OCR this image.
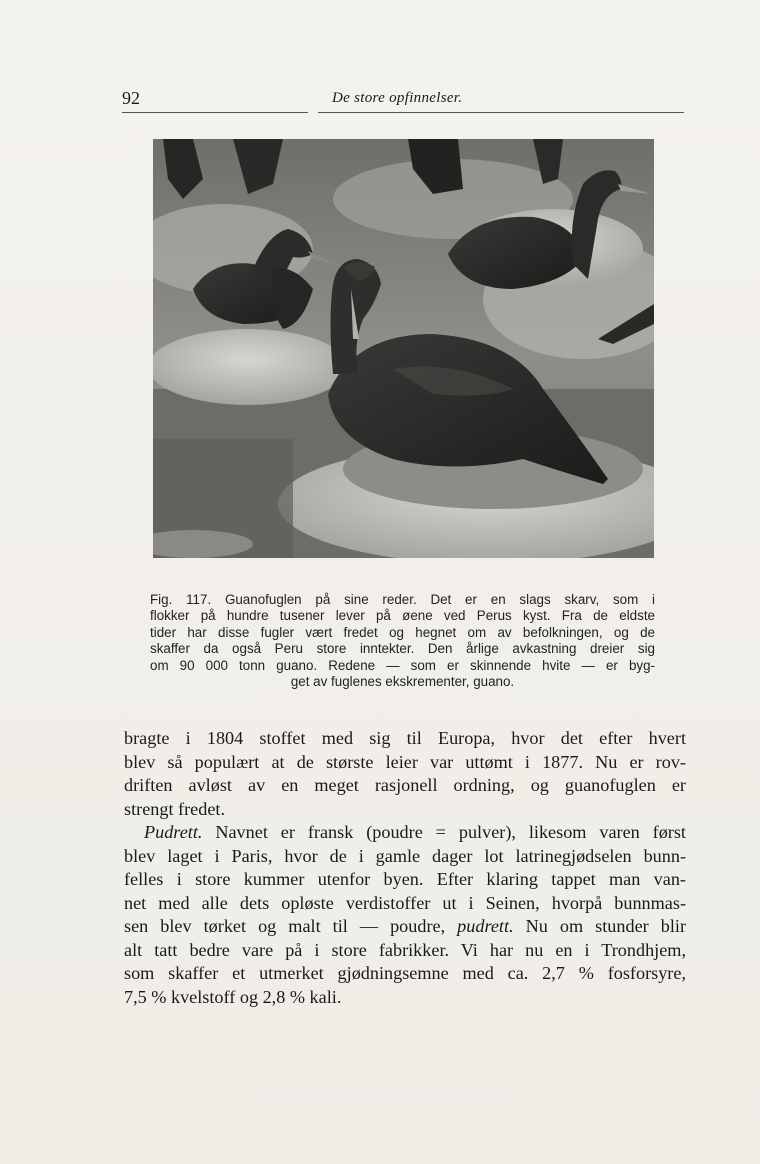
92	De store opfinnelser.
Fig. 117. Guanofuglen på sine reder. Det er en slags skarv, som i
flokker på hundre tusener lever på øene ved Perus kyst. Fra de eldste
tider har disse fugler vært fredet og hegnet om av befolkningen, og de
skaffer da også Peru store inntekter. Den årlige avkastning dreier sig
om 90 000 tonn guano. Redene — som er skinnende hvite — er byg-
get av fuglenes ekskrementer, guano.
bragte i 1804 stoffet med sig til Europa, hvor det efter hvert
blev så populært at de største leier var uttømt i 1877. Nu er rov-
driften avløst av en meget rasjonell ordning, og guanofuglen er
strengt fredet.
Pudrett. Navnet er fransk (poudre = pulver), likesom varen først
blev laget i Paris, hvor de i gamle dager lot latrinegjødselen bunn-
felles i store kummer utenfor byen. Efter klaring tappet man van-
net med alle dets opløste verdistoffer ut i Seinen, hvorpå bunnmas-
sen blev tørket og malt til — poudre, pudrett. Nu om stunder blir
alt tatt bedre vare på i store fabrikker. Vi har nu en i Trondhjem,
som skaffer et utmerket gjødningsemne med ca. 2,7 % fosforsyre,
7,5 % kvelstoff og 2,8 % kali.
